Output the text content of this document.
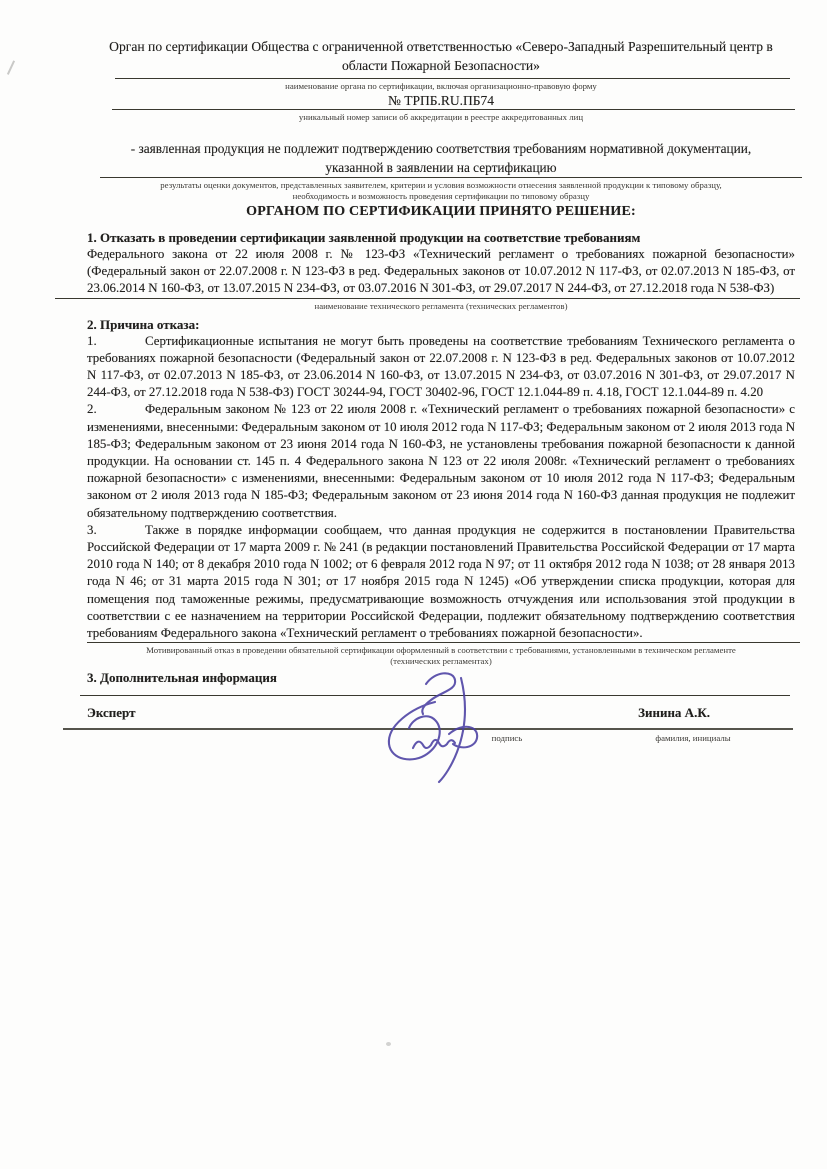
Орган по сертификации Общества с ограниченной ответственностью «Северо-Западный Разрешительный центр в области Пожарной Безопасности»
наименование органа по сертификации, включая организационно-правовую форму
№ ТРПБ.RU.ПБ74
уникальный номер записи об аккредитации в реестре аккредитованных лиц
- заявленная продукция не подлежит подтверждению соответствия требованиям нормативной документации, указанной в заявлении на сертификацию
результаты оценки документов, представленных заявителем, критерии и условия возможности отнесения заявленной продукции к типовому образцу, необходимость и возможность проведения сертификации по типовому образцу
ОРГАНОМ ПО СЕРТИФИКАЦИИ ПРИНЯТО РЕШЕНИЕ:
1. Отказать в проведении сертификации заявленной продукции на соответствие требованиям
Федерального закона от 22 июля 2008 г. № 123-ФЗ «Технический регламент о требованиях пожарной безопасности» (Федеральный закон от 22.07.2008 г. N 123-ФЗ в ред. Федеральных законов от 10.07.2012 N 117-ФЗ, от 02.07.2013 N 185-ФЗ, от 23.06.2014 N 160-ФЗ, от 13.07.2015 N 234-ФЗ, от 03.07.2016 N 301-ФЗ, от 29.07.2017 N 244-ФЗ, от 27.12.2018 года N 538-ФЗ)
наименование технического регламента (технических регламентов)
2. Причина отказа:
1.	Сертификационные испытания не могут быть проведены на соответствие требованиям Технического регламента о требованиях пожарной безопасности (Федеральный закон от 22.07.2008 г. N 123-ФЗ в ред. Федеральных законов от 10.07.2012 N 117-ФЗ, от 02.07.2013 N 185-ФЗ, от 23.06.2014 N 160-ФЗ, от 13.07.2015 N 234-ФЗ, от 03.07.2016 N 301-ФЗ, от 29.07.2017 N 244-ФЗ, от 27.12.2018 года N 538-ФЗ) ГОСТ 30244-94, ГОСТ 30402-96, ГОСТ 12.1.044-89 п. 4.18, ГОСТ 12.1.044-89 п. 4.20
2.	Федеральным законом № 123 от 22 июля 2008 г. «Технический регламент о требованиях пожарной безопасности» с изменениями, внесенными: Федеральным законом от 10 июля 2012 года N 117-ФЗ; Федеральным законом от 2 июля 2013 года N 185-ФЗ; Федеральным законом от 23 июня 2014 года N 160-ФЗ, не установлены требования пожарной безопасности к данной продукции. На основании ст. 145 п. 4 Федерального закона N 123 от 22 июля 2008г. «Технический регламент о требованиях пожарной безопасности» с изменениями, внесенными: Федеральным законом от 10 июля 2012 года N 117-ФЗ; Федеральным законом от 2 июля 2013 года N 185-ФЗ; Федеральным законом от 23 июня 2014 года N 160-ФЗ данная продукция не подлежит обязательному подтверждению соответствия.
3.	Также в порядке информации сообщаем, что данная продукция не содержится в постановлении Правительства Российской Федерации от 17 марта 2009 г. № 241 (в редакции постановлений Правительства Российской Федерации от 17 марта 2010 года N 140; от 8 декабря 2010 года N 1002; от 6 февраля 2012 года N 97; от 11 октября 2012 года N 1038; от 28 января 2013 года N 46; от 31 марта 2015 года N 301; от 17 ноября 2015 года N 1245) «Об утверждении списка продукции, которая для помещения под таможенные режимы, предусматривающие возможность отчуждения или использования этой продукции в соответствии с ее назначением на территории Российской Федерации, подлежит обязательному подтверждению соответствия требованиям Федерального закона «Технический регламент о требованиях пожарной безопасности».
Мотивированный отказ в проведении обязательной сертификации оформленный в соответствии с требованиями, установленными в техническом регламенте (технических регламентах)
3. Дополнительная информация
Эксперт	Зинина А.К.
подпись	фамилия, инициалы
